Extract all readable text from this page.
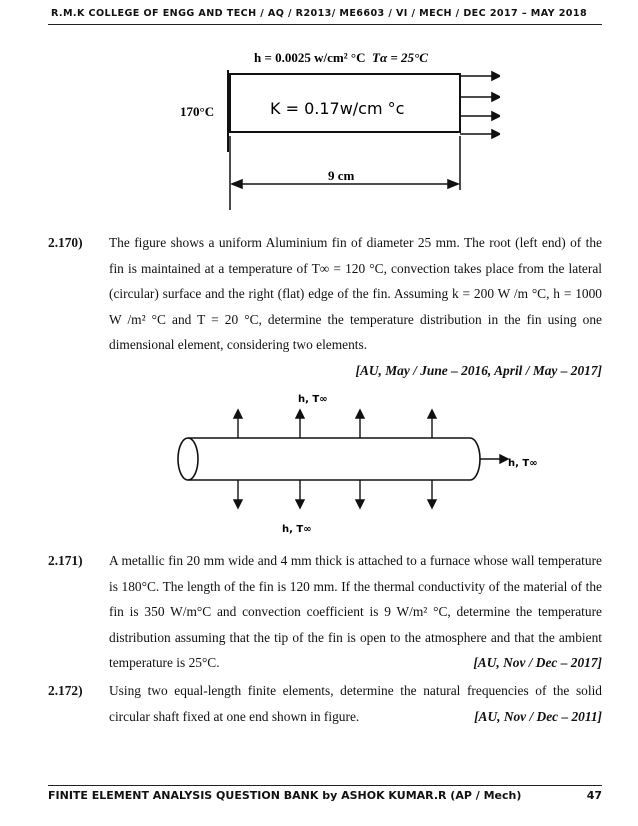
R.M.K COLLEGE OF ENGG AND TECH / AQ / R2013/ ME6603 / VI / MECH / DEC 2017 – MAY 2018
h = 0.0025 w/cm² °C Tα = 25°C
170°C	K = 0.17w/cm °c
9 cm
2.170) The figure shows a uniform Aluminium fin of diameter 25 mm. The root (left end) of the fin is maintained at a temperature of T∞ = 120 °C, convection takes place from the lateral (circular) surface and the right (flat) edge of the fin. Assuming k = 200 W /m °C, h = 1000 W /m² °C and T = 20 °C, determine the temperature distribution in the fin using one dimensional element, considering two elements.
[AU, May / June – 2016, April / May – 2017]
h, T∞
h, T∞
h, T∞
2.171) A metallic fin 20 mm wide and 4 mm thick is attached to a furnace whose wall temperature is 180°C. The length of the fin is 120 mm. If the thermal conductivity of the material of the fin is 350 W/m°C and convection coefficient is 9 W/m² °C, determine the temperature distribution assuming that the tip of the fin is open to the atmosphere and that the ambient temperature is 25°C.	[AU, Nov / Dec – 2017]
2.172) Using two equal-length finite elements, determine the natural frequencies of the solid circular shaft fixed at one end shown in figure.	[AU, Nov / Dec – 2011]
FINITE ELEMENT ANALYSIS QUESTION BANK by ASHOK KUMAR.R (AP / Mech)	47
